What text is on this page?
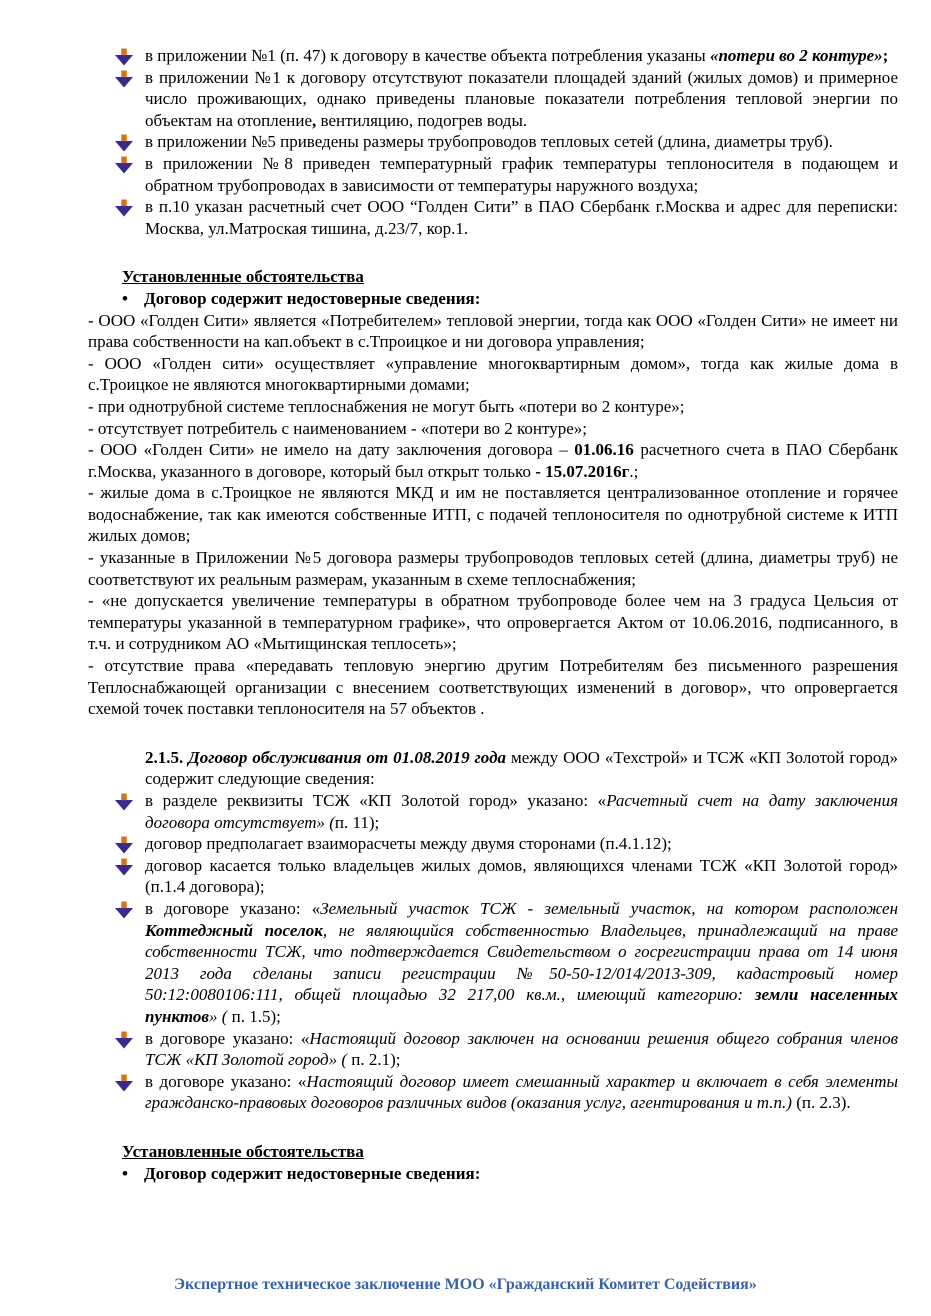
в приложении №1 (п. 47) к договору в качестве объекта потребления указаны «потери во 2 контуре»;
в приложении №1 к договору отсутствуют показатели площадей зданий (жилых домов) и примерное число проживающих, однако приведены плановые показатели потребления тепловой энергии по объектам на отопление, вентиляцию, подогрев воды.
в приложении №5 приведены размеры трубопроводов тепловых сетей (длина, диаметры труб).
в приложении №8 приведен температурный график температуры теплоносителя в подающем и обратном трубопроводах в зависимости от температуры наружного воздуха;
в п.10 указан расчетный счет ООО “Голден Сити” в ПАО Сбербанк г.Москва и адрес для переписки: Москва, ул.Матроская тишина, д.23/7, кор.1.
Установленные обстоятельства
• Договор содержит недостоверные сведения:
- ООО «Голден Сити» является «Потребителем» тепловой энергии, тогда как ООО «Голден Сити» не имеет ни права собственности на кап.объект в с.Тпроицкое и ни договора управления;
- ООО «Голден сити» осуществляет «управление многоквартирным домом», тогда как жилые дома в с.Троицкое не являются многоквартирными домами;
- при однотрубной системе теплоснабжения не могут быть «потери во 2 контуре»;
- отсутствует потребитель с наименованием - «потери во 2 контуре»;
- ООО «Голден Сити» не имело на дату заключения договора – 01.06.16 расчетного счета в ПАО Сбербанк г.Москва, указанного в договоре, который был открыт только - 15.07.2016г.;
- жилые дома в с.Троицкое не являются МКД и им не поставляется централизованное отопление и горячее водоснабжение, так как имеются собственные ИТП, с подачей теплоносителя по однотрубной системе к ИТП жилых домов;
- указанные в Приложении №5 договора размеры трубопроводов тепловых сетей (длина, диаметры труб) не соответствуют их реальным размерам, указанным в схеме теплоснабжения;
- «не допускается увеличение температуры в обратном трубопроводе более чем на 3 градуса Цельсия от температуры указанной в температурном графике», что опровергается Актом от 10.06.2016, подписанного, в т.ч. и сотрудником АО «Мытищинская теплосеть»;
- отсутствие права «передавать тепловую энергию другим Потребителям без письменного разрешения Теплоснабжающей организации с внесением соответствующих изменений в договор», что опровергается схемой точек поставки теплоносителя на 57 объектов .
2.1.5. Договор обслуживания от 01.08.2019 года между ООО «Техстрой» и ТСЖ «КП Золотой город» содержит следующие сведения:
в разделе реквизиты ТСЖ «КП Золотой город» указано: «Расчетный счет на дату заключения договора отсутствует» (п. 11);
договор предполагает взаиморасчеты между двумя сторонами (п.4.1.12);
договор касается только владельцев жилых домов, являющихся членами ТСЖ «КП Золотой город» (п.1.4 договора);
в договоре указано: «Земельный участок ТСЖ - земельный участок, на котором расположен Коттеджный поселок, не являющийся собственностью Владельцев, принадлежащий на праве собственности ТСЖ, что подтверждается Свидетельством о госрегистрации права от 14 июня 2013 года сделаны записи регистрации №50-50-12/014/2013-309, кадастровый номер 50:12:0080106:111, общей площадью 32 217,00 кв.м., имеющий категорию: земли населенных пунктов» ( п. 1.5);
в договоре указано: «Настоящий договор заключен на основании решения общего собрания членов ТСЖ «КП Золотой город» ( п. 2.1);
в договоре указано: «Настоящий договор имеет смешанный характер и включает в себя элементы гражданско-правовых договоров различных видов (оказания услуг, агентирования и т.п.) (п. 2.3).
Установленные обстоятельства
• Договор содержит недостоверные сведения:
Экспертное техническое заключение МОО «Гражданский Комитет Содействия»
